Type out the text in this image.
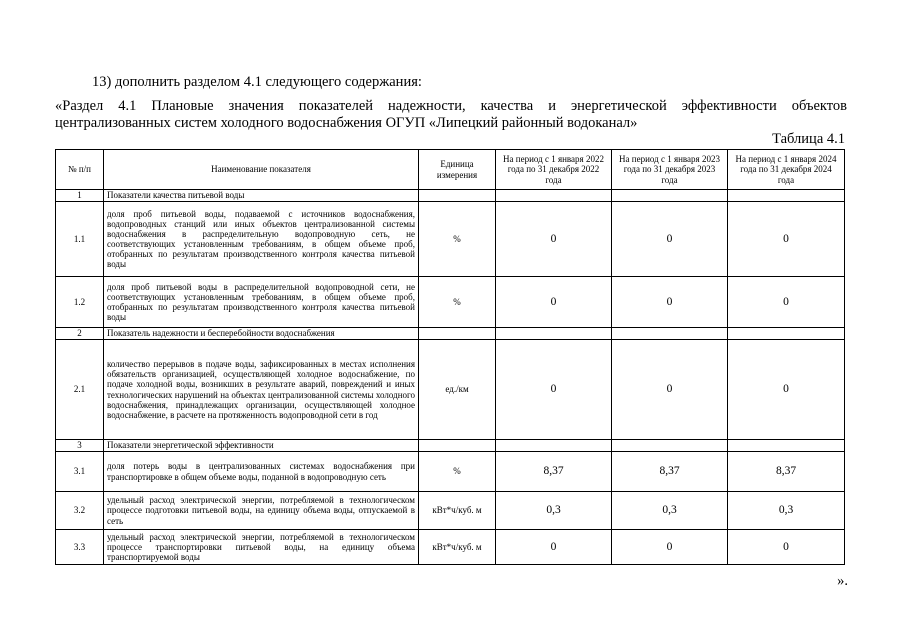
13) дополнить разделом 4.1 следующего содержания:
«Раздел 4.1 Плановые значения показателей надежности, качества и энергетической эффективности объектов
централизованных систем холодного водоснабжения ОГУП «Липецкий районный водоканал»
Таблица 4.1
№ п/п	Наименование показателя	Единица измерения	На период с 1 января 2022 года по 31 декабря 2022 года	На период с 1 января 2023 года по 31 декабря 2023 года	На период с 1 января 2024 года по 31 декабря 2024 года
1	Показатели качества питьевой воды				
1.1	доля проб питьевой воды, подаваемой с источников водоснабжения, водопроводных станций или иных объектов централизованной системы водоснабжения в распределительную водопроводную сеть, не соответствующих установленным требованиям, в общем объеме проб, отобранных по результатам производственного контроля качества питьевой воды	%	0	0	0
1.2	доля проб питьевой воды в распределительной водопроводной сети, не соответствующих установленным требованиям, в общем объеме проб, отобранных по результатам производственного контроля качества питьевой воды	%	0	0	0
2	Показатель надежности и бесперебойности водоснабжения				
2.1	количество перерывов в подаче воды, зафиксированных в местах исполнения обязательств организацией, осуществляющей холодное водоснабжение, по подаче холодной воды, возникших в результате аварий, повреждений и иных технологических нарушений на объектах централизованной системы холодного водоснабжения, принадлежащих организации, осуществляющей холодное водоснабжение, в расчете на протяженность водопроводной сети в год	ед./км	0	0	0
3	Показатели энергетической эффективности				
3.1	доля потерь воды в централизованных системах водоснабжения при транспортировке в общем объеме воды, поданной в водопроводную сеть	%	8,37	8,37	8,37
3.2	удельный расход электрической энергии, потребляемой в технологическом процессе подготовки питьевой воды, на единицу объема воды, отпускаемой в сеть	кВт*ч/куб. м	0,3	0,3	0,3
3.3	удельный расход электрической энергии, потребляемой в технологическом процессе транспортировки питьевой воды, на единицу объема транспортируемой воды	кВт*ч/куб. м	0	0	0
».
